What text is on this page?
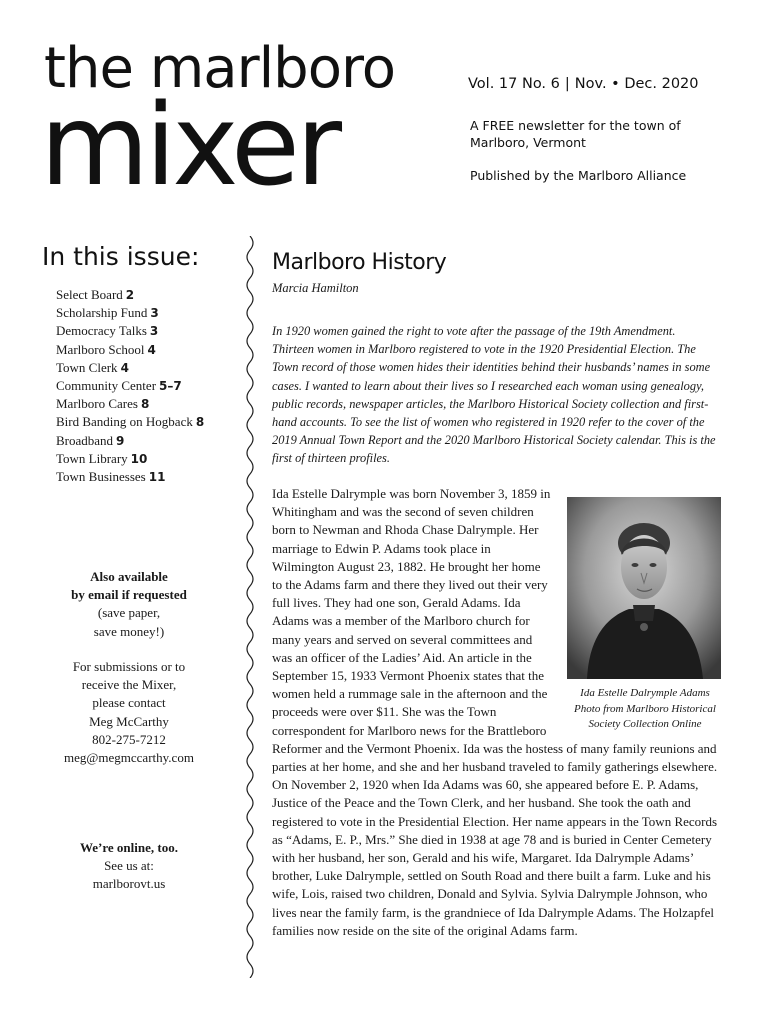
the marlboro
mixer	Vol. 17 No. 6 | Nov. • Dec. 2020
A FREE newsletter for the town of Marlboro, Vermont
Published by the Marlboro Alliance
In this issue:
Select Board 2
Scholarship Fund 3
Democracy Talks 3
Marlboro School 4
Town Clerk 4
Community Center 5–7
Marlboro Cares 8
Bird Banding on Hogback 8
Broadband 9
Town Library 10
Town Businesses 11
Also available
by email if requested
(save paper,
save money!)
For submissions or to
receive the Mixer,
please contact
Meg McCarthy
802-275-7212
meg@megmccarthy.com
We’re online, too.
See us at:
marlborovt.us
Marlboro History
Marcia Hamilton

In 1920 women gained the right to vote after the passage of the 19th Amendment. Thirteen women in Marlboro registered to vote in the 1920 Presidential Election. The Town record of those women hides their identities behind their husbands’ names in some cases. I wanted to learn about their lives so I researched each woman using genealogy, public records, newspaper articles, the Marlboro Historical Society collection and first-hand accounts. To see the list of women who registered in 1920 refer to the cover of the 2019 Annual Town Report and the 2020 Marlboro Historical Society calendar. This is the first of thirteen profiles.

Ida Estelle Dalrymple was born November 3, 1859 in Whitingham and was the second of seven children born to Newman and Rhoda Chase Dalrymple. Her marriage to Edwin P. Adams took place in Wilmington August 23, 1882. He brought her home to the Adams farm and there they lived out their very full lives. They had one son, Gerald Adams. Ida Adams was a member of the Marlboro church for many years and served on several committees and was an officer of the Ladies’ Aid. An article in the September 15, 1933 Vermont Phoenix states that the women held a rummage sale in the afternoon and the proceeds were over $11. She was the Town correspondent for Marlboro news for the Brattleboro Reformer and the Vermont Phoenix. Ida was the hostess of many family reunions and parties at her home, and she and her husband traveled to family gatherings elsewhere. On November 2, 1920 when Ida Adams was 60, she appeared before E. P. Adams, Justice of the Peace and the Town Clerk, and her husband. She took the oath and registered to vote in the Presidential Election. Her name appears in the Town Records as “Adams, E. P., Mrs.” She died in 1938 at age 78 and is buried in Center Cemetery with her husband, her son, Gerald and his wife, Margaret. Ida Dalrymple Adams’ brother, Luke Dalrymple, settled on South Road and there built a farm. Luke and his wife, Lois, raised two children, Donald and Sylvia. Sylvia Dalrymple Johnson, who lives near the family farm, is the grandniece of Ida Dalrymple Adams. The Holzapfel families now reside on the site of the original Adams farm.

Ida Estelle Dalrymple Adams Photo from Marlboro Historical Society Collection Online
